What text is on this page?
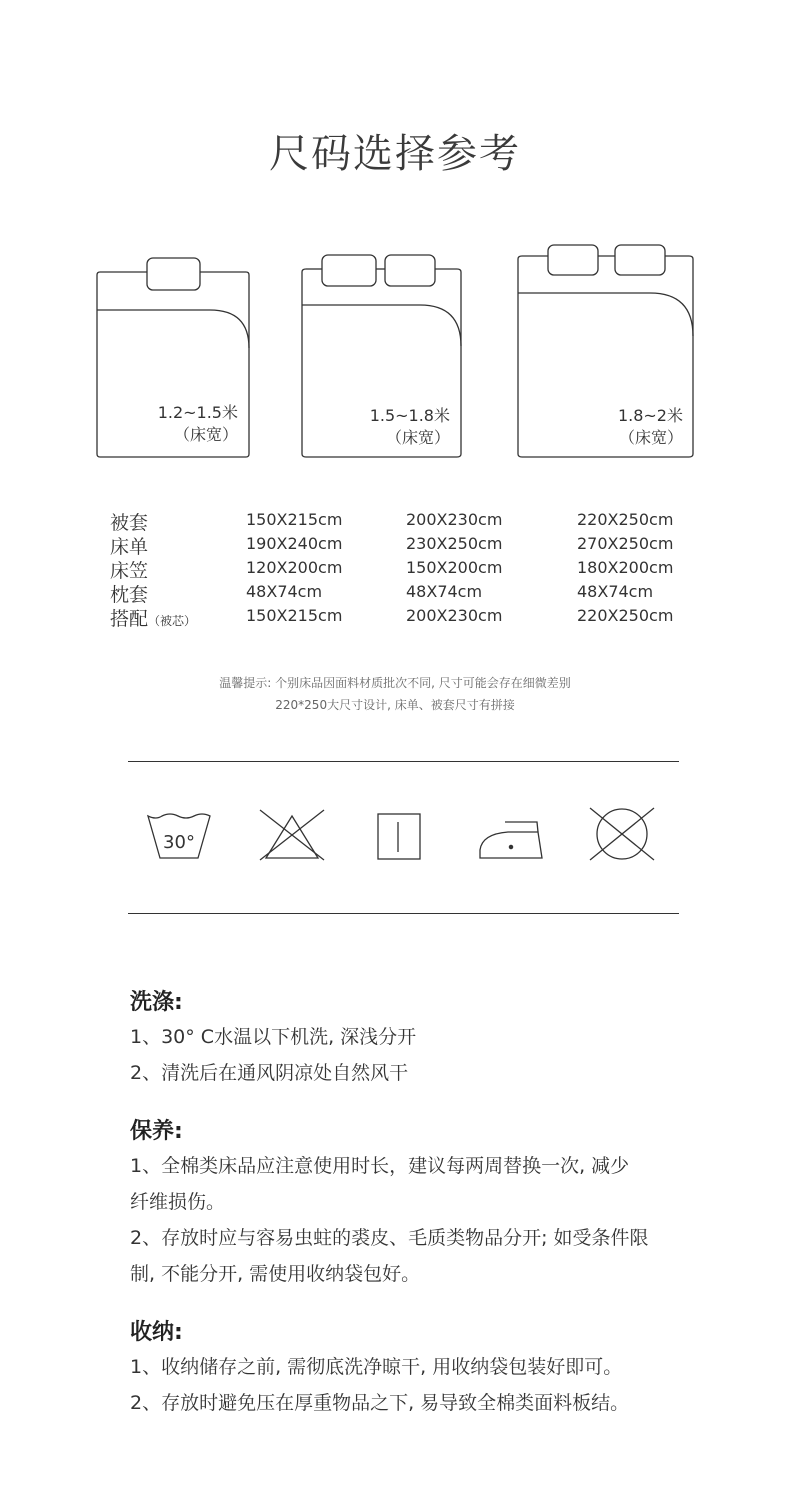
尺码选择参考
1.2~1.5米
（床宽）
1.5~1.8米
（床宽）
1.8~2米
（床宽）
被套	150X215cm	200X230cm	220X250cm
床单	190X240cm	230X250cm	270X250cm
床笠	120X200cm	150X200cm	180X200cm
枕套	48X74cm	48X74cm	48X74cm
搭配（被芯）	150X215cm	200X230cm	220X250cm
温馨提示: 个别床品因面料材质批次不同, 尺寸可能会存在细微差别
220*250大尺寸设计, 床单、被套尺寸有拼接
30°
洗涤:
1、30° C水温以下机洗, 深浅分开
2、清洗后在通风阴凉处自然风干
保养:
1、全棉类床品应注意使用时长，建议每两周替换一次, 减少
纤维损伤。
2、存放时应与容易虫蛀的裘皮、毛质类物品分开; 如受条件限
制, 不能分开, 需使用收纳袋包好。
收纳:
1、收纳储存之前, 需彻底洗净晾干, 用收纳袋包装好即可。
2、存放时避免压在厚重物品之下, 易导致全棉类面料板结。
